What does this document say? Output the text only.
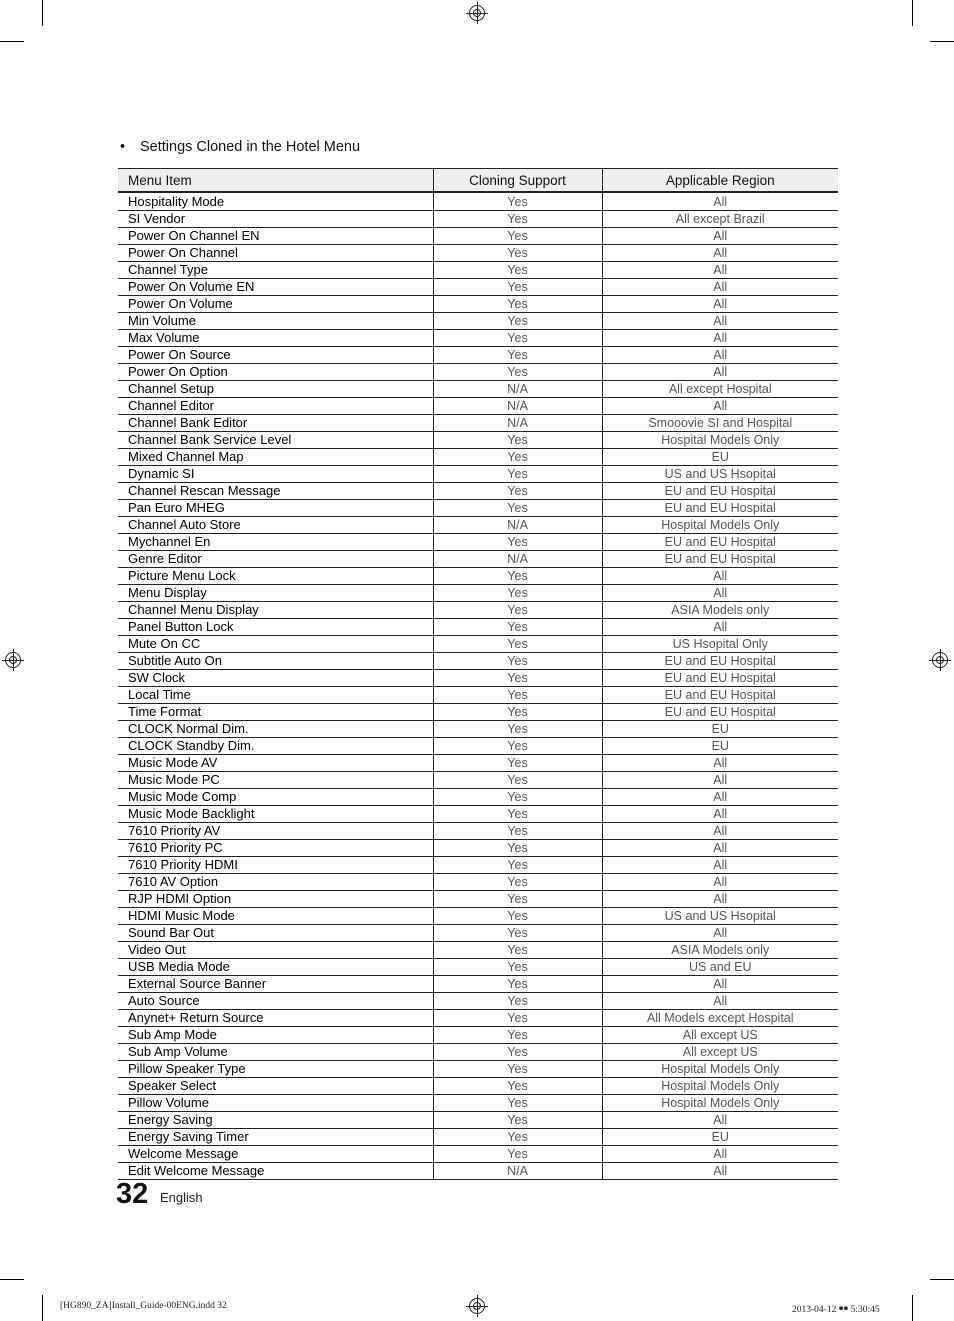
• Settings Cloned in the Hotel Menu
Menu Item	Cloning Support	Applicable Region
Hospitality Mode	Yes	All
SI Vendor	Yes	All except Brazil
Power On Channel EN	Yes	All
Power On Channel	Yes	All
Channel Type	Yes	All
Power On Volume EN	Yes	All
Power On Volume	Yes	All
Min Volume	Yes	All
Max Volume	Yes	All
Power On Source	Yes	All
Power On Option	Yes	All
Channel Setup	N/A	All except Hospital
Channel Editor	N/A	All
Channel Bank Editor	N/A	Smooovie SI and Hospital
Channel Bank Service Level	Yes	Hospital Models Only
Mixed Channel Map	Yes	EU
Dynamic SI	Yes	US and US Hsopital
Channel Rescan Message	Yes	EU and EU Hospital
Pan Euro MHEG	Yes	EU and EU Hospital
Channel Auto Store	N/A	Hospital Models Only
Mychannel En	Yes	EU and EU Hospital
Genre Editor	N/A	EU and EU Hospital
Picture Menu Lock	Yes	All
Menu Display	Yes	All
Channel Menu Display	Yes	ASIA Models only
Panel Button Lock	Yes	All
Mute On CC	Yes	US Hsopital Only
Subtitle Auto On	Yes	EU and EU Hospital
SW Clock	Yes	EU and EU Hospital
Local Time	Yes	EU and EU Hospital
Time Format	Yes	EU and EU Hospital
CLOCK Normal Dim.	Yes	EU
CLOCK Standby Dim.	Yes	EU
Music Mode AV	Yes	All
Music Mode PC	Yes	All
Music Mode Comp	Yes	All
Music Mode Backlight	Yes	All
7610 Priority AV	Yes	All
7610 Priority PC	Yes	All
7610 Priority HDMI	Yes	All
7610 AV Option	Yes	All
RJP HDMI Option	Yes	All
HDMI Music Mode	Yes	US and US Hsopital
Sound Bar Out	Yes	All
Video Out	Yes	ASIA Models only
USB Media Mode	Yes	US and EU
External Source Banner	Yes	All
Auto Source	Yes	All
Anynet+ Return Source	Yes	All Models except Hospital
Sub Amp Mode	Yes	All except US
Sub Amp Volume	Yes	All except US
Pillow Speaker Type	Yes	Hospital Models Only
Speaker Select	Yes	Hospital Models Only
Pillow Volume	Yes	Hospital Models Only
Energy Saving	Yes	All
Energy Saving Timer	Yes	EU
Welcome Message	Yes	All
Edit Welcome Message	N/A	All
32 English
[HG890_ZA]Install_Guide-00ENG.indd 32	2013-04-12 ￭￭ 5:30:45
